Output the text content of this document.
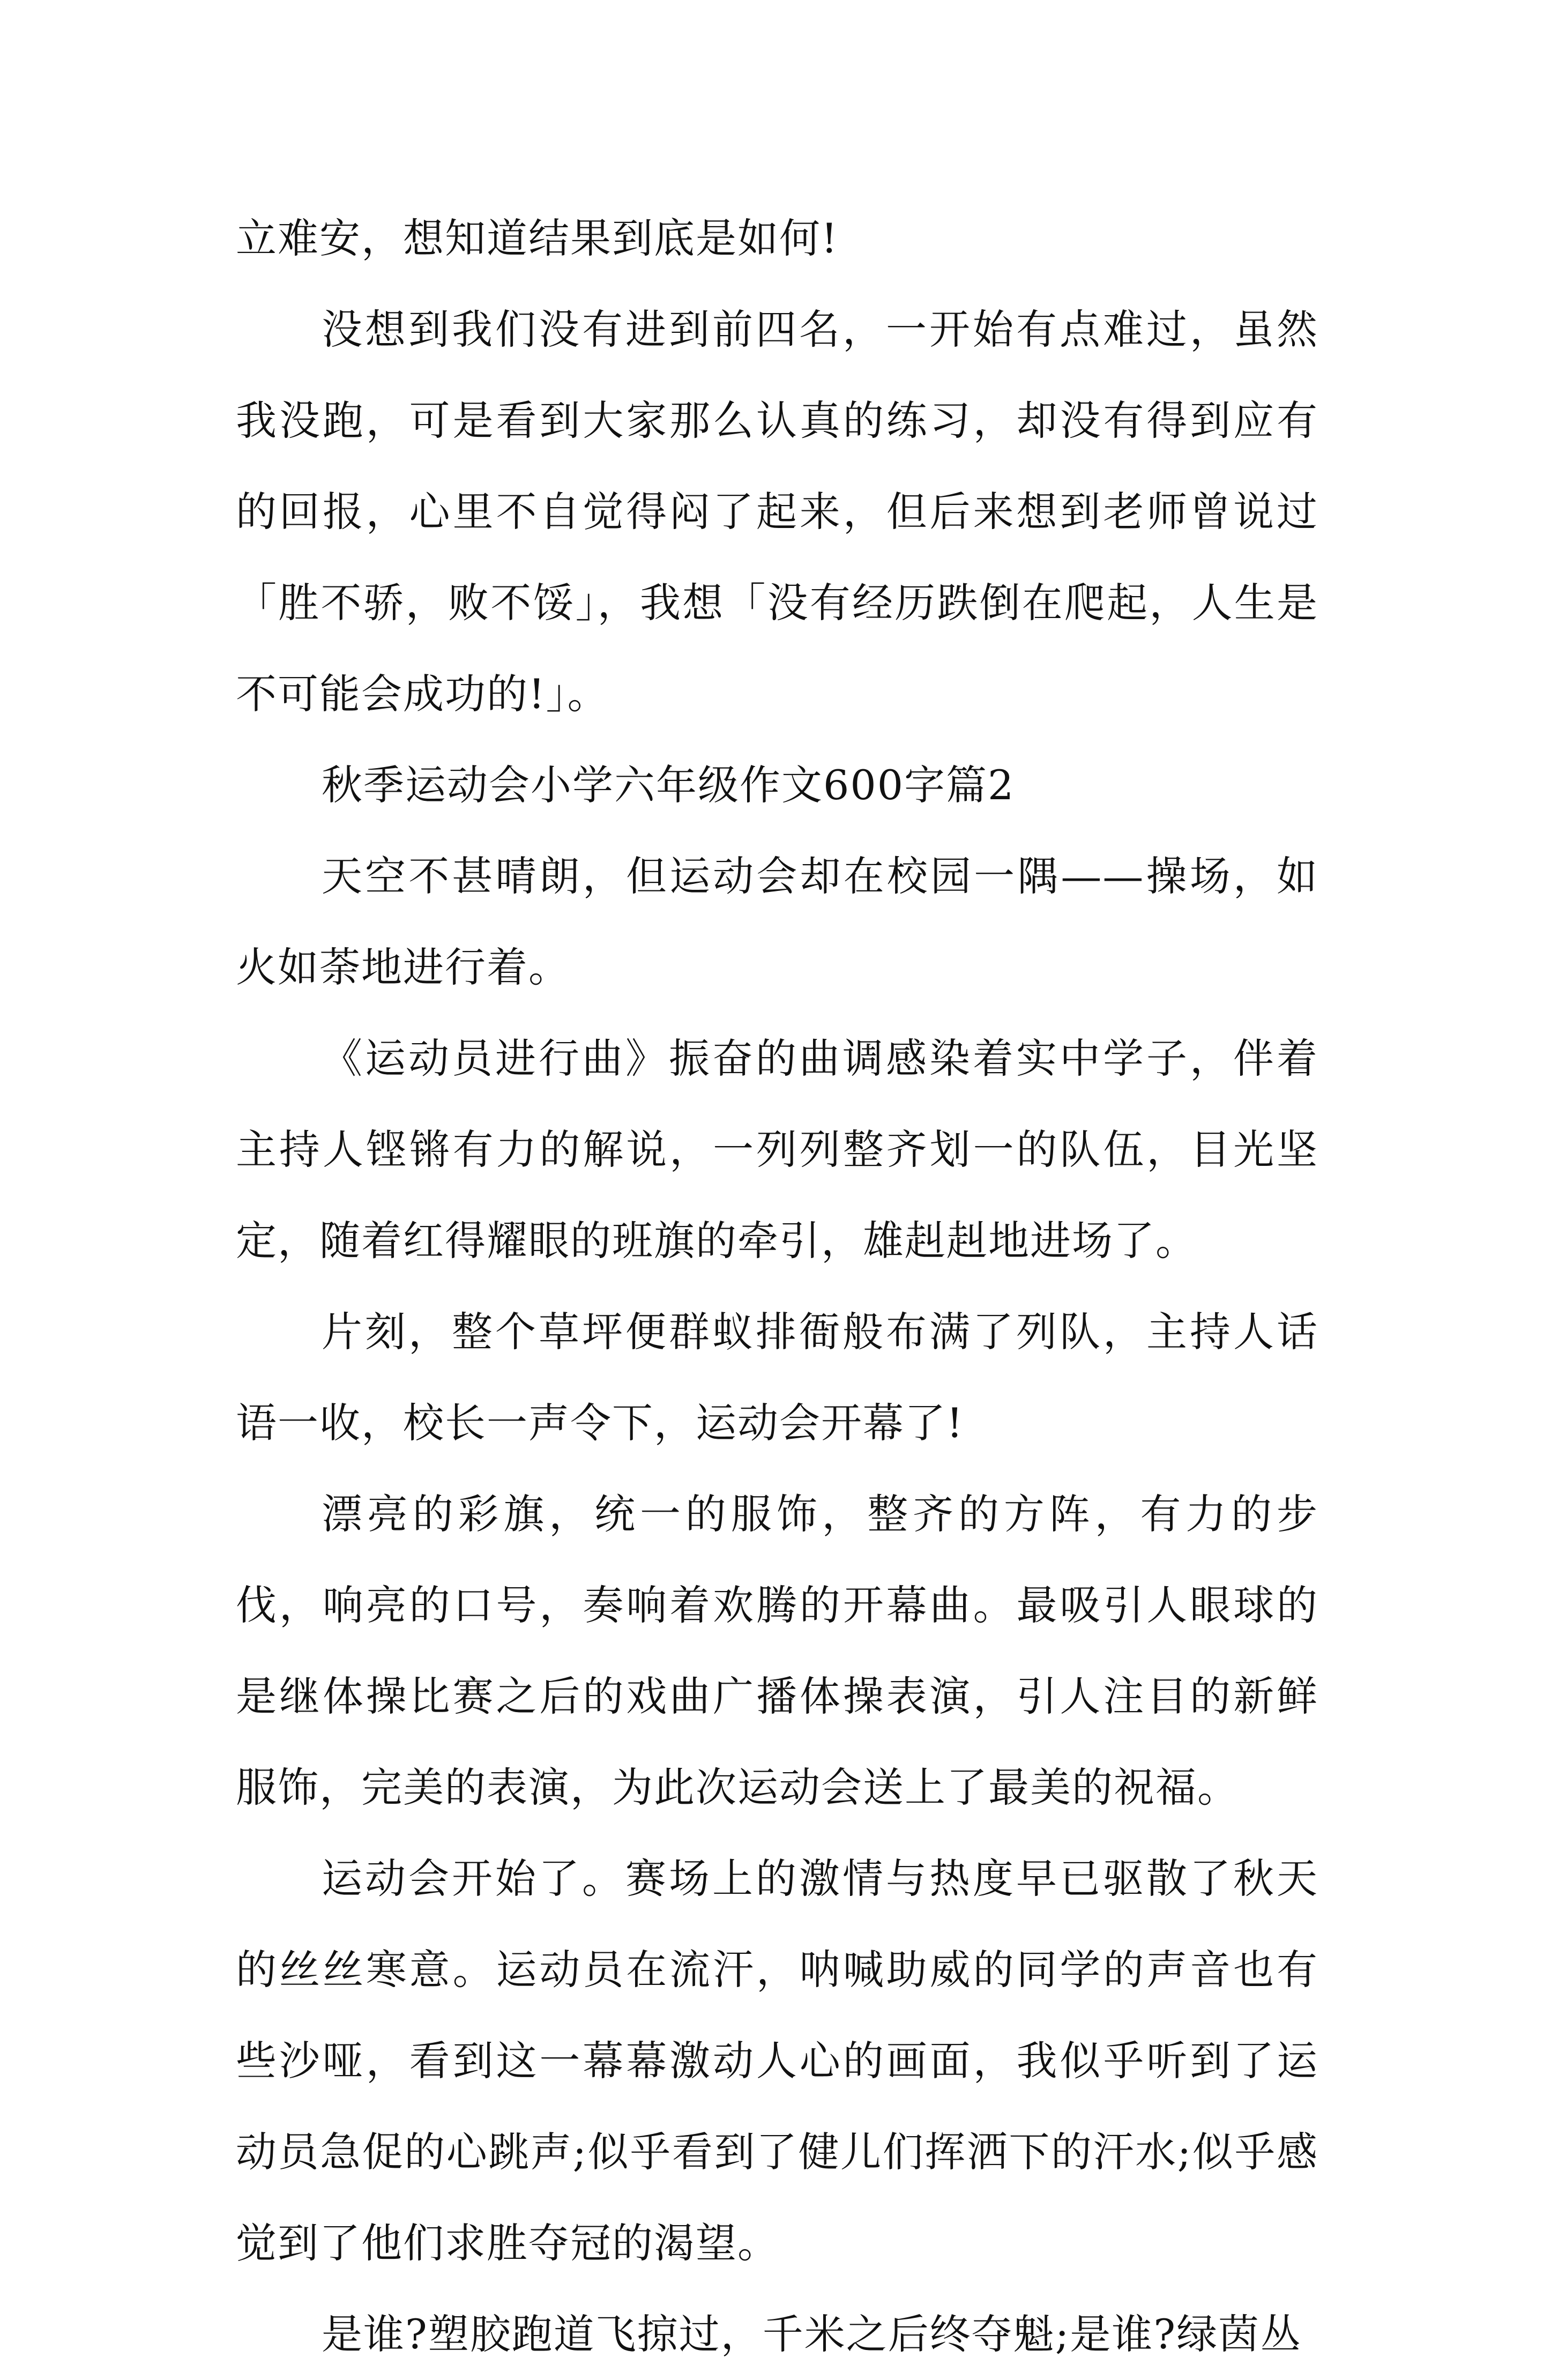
立难安，想知道结果到底是如何!

没想到我们没有进到前四名，一开始有点难过，虽然我没跑，可是看到大家那么认真的练习，却没有得到应有的回报，心里不自觉得闷了起来，但后来想到老师曾说过「胜不骄，败不馁」，我想「没有经历跌倒在爬起，人生是不可能会成功的!」。

秋季运动会小学六年级作文600字篇2

天空不甚晴朗，但运动会却在校园一隅——操场，如火如荼地进行着。

《运动员进行曲》振奋的曲调感染着实中学子，伴着主持人铿锵有力的解说，一列列整齐划一的队伍，目光坚定，随着红得耀眼的班旗的牵引，雄赳赳地进场了。

片刻，整个草坪便群蚁排衙般布满了列队，主持人话语一收，校长一声令下，运动会开幕了!

漂亮的彩旗，统一的服饰，整齐的方阵，有力的步伐，响亮的口号，奏响着欢腾的开幕曲。最吸引人眼球的是继体操比赛之后的戏曲广播体操表演，引人注目的新鲜服饰，完美的表演，为此次运动会送上了最美的祝福。

运动会开始了。赛场上的激情与热度早已驱散了秋天的丝丝寒意。运动员在流汗，呐喊助威的同学的声音也有些沙哑，看到这一幕幕激动人心的画面，我似乎听到了运动员急促的心跳声;似乎看到了健儿们挥洒下的汗水;似乎感觉到了他们求胜夺冠的渴望。

是谁?塑胶跑道飞掠过，千米之后终夺魁;是谁?绿茵丛
